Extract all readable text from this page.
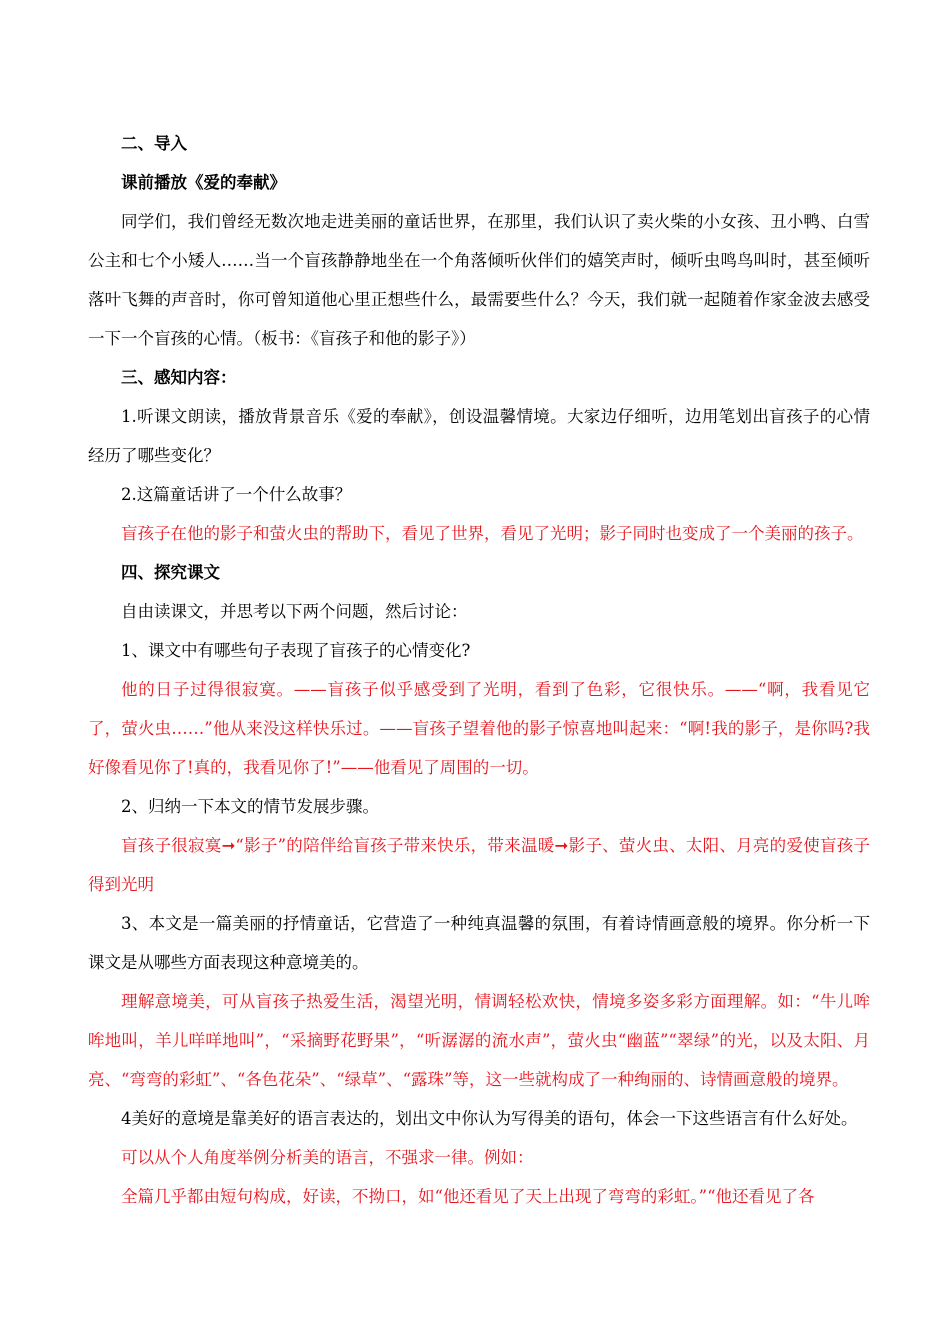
二、导入

课前播放《爱的奉献》

同学们，我们曾经无数次地走进美丽的童话世界，在那里，我们认识了卖火柴的小女孩、丑小鸭、白雪公主和七个小矮人……当一个盲孩静静地坐在一个角落倾听伙伴们的嬉笑声时，倾听虫鸣鸟叫时，甚至倾听落叶飞舞的声音时，你可曾知道他心里正想些什么，最需要些什么？今天，我们就一起随着作家金波去感受一下一个盲孩的心情。（板书：《盲孩子和他的影子》）

三、感知内容：

1.听课文朗读，播放背景音乐《爱的奉献》，创设温馨情境。大家边仔细听，边用笔划出盲孩子的心情经历了哪些变化？

2.这篇童话讲了一个什么故事？

盲孩子在他的影子和萤火虫的帮助下，看见了世界，看见了光明；影子同时也变成了一个美丽的孩子。

四、探究课文

自由读课文，并思考以下两个问题，然后讨论：

1、课文中有哪些句子表现了盲孩子的心情变化?

他的日子过得很寂寞。——盲孩子似乎感受到了光明，看到了色彩，它很快乐。——“啊，我看见它了，萤火虫……”他从来没这样快乐过。——盲孩子望着他的影子惊喜地叫起来：“啊!我的影子，是你吗?我好像看见你了!真的，我看见你了!”——他看见了周围的一切。

2、归纳一下本文的情节发展步骤。

盲孩子很寂寞➞“影子”的陪伴给盲孩子带来快乐，带来温暖➞影子、萤火虫、太阳、月亮的爱使盲孩子得到光明

3、本文是一篇美丽的抒情童话，它营造了一种纯真温馨的氛围，有着诗情画意般的境界。你分析一下课文是从哪些方面表现这种意境美的。

理解意境美，可从盲孩子热爱生活，渴望光明，情调轻松欢快，情境多姿多彩方面理解。如：“牛儿哞哞地叫，羊儿咩咩地叫”，“采摘野花野果”，“听潺潺的流水声”，萤火虫“幽蓝”“翠绿”的光，以及太阳、月亮、“弯弯的彩虹”、“各色花朵”、“绿草”、“露珠”等，这一些就构成了一种绚丽的、诗情画意般的境界。

4美好的意境是靠美好的语言表达的，划出文中你认为写得美的语句，体会一下这些语言有什么好处。

可以从个人角度举例分析美的语言，不强求一律。例如：

全篇几乎都由短句构成，好读，不拗口，如“他还看见了天上出现了弯弯的彩虹。”“他还看见了各
